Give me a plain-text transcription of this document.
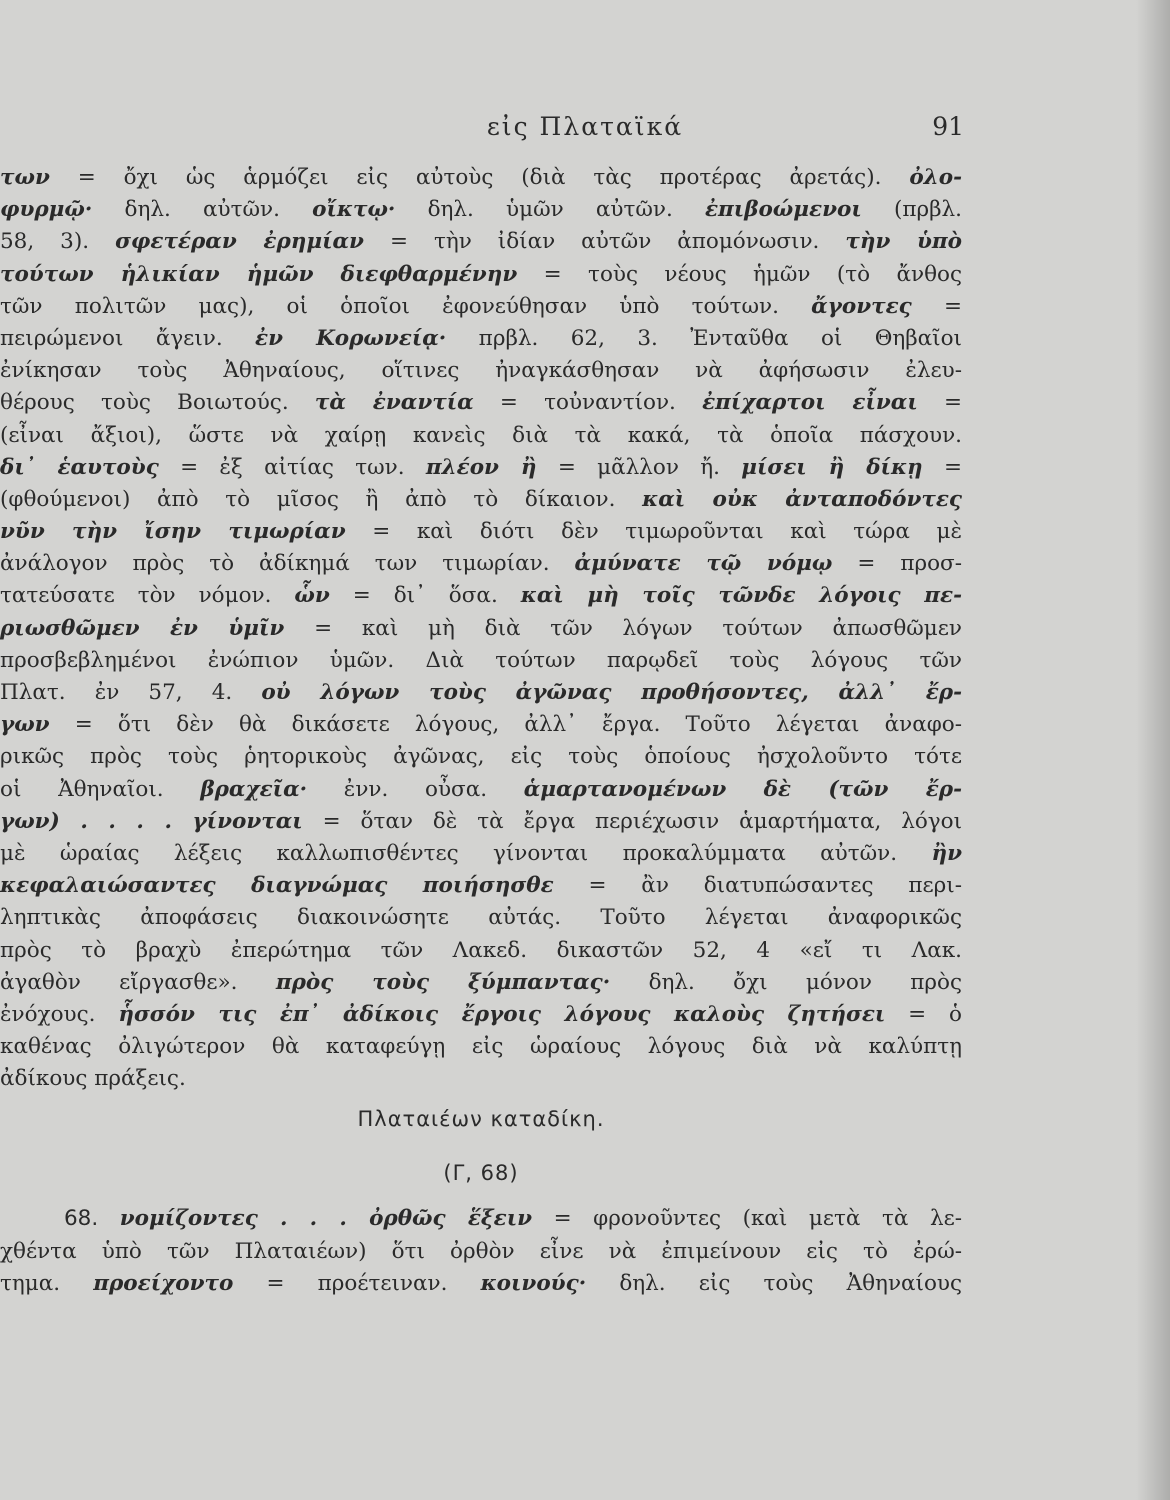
εἰς Πλαταϊκά	91
των = ὄχι ὡς ἁρμόζει εἰς αὐτοὺς (διὰ τὰς προτέρας ἀρετάς). ὀλο-
φυρμῷ· δηλ. αὐτῶν. οἴκτῳ· δηλ. ὑμῶν αὐτῶν. ἐπιβοώμενοι (πρβλ.
58, 3). σφετέραν ἐρημίαν = τὴν ἰδίαν αὐτῶν ἀπομόνωσιν. τὴν ὑπὸ
τούτων ἡλικίαν ἡμῶν διεφθαρμένην = τοὺς νέους ἡμῶν (τὸ ἄνθος
τῶν πολιτῶν μας), οἱ ὁποῖοι ἐφονεύθησαν ὑπὸ τούτων. ἄγοντες =
πειρώμενοι ἄγειν. ἐν Κορωνείᾳ· πρβλ. 62, 3. Ἐνταῦθα οἱ Θηβαῖοι
ἐνίκησαν τοὺς Ἀθηναίους, οἵτινες ἠναγκάσθησαν νὰ ἀφήσωσιν ἐλευ-
θέρους τοὺς Βοιωτούς. τὰ ἐναντία = τοὐναντίον. ἐπίχαρτοι εἶναι =
(εἶναι ἄξιοι), ὥστε νὰ χαίρῃ κανεὶς διὰ τὰ κακά, τὰ ὁποῖα πάσχουν.
δι᾽ ἑαυτοὺς = ἐξ αἰτίας των. πλέον ἢ = μᾶλλον ἤ. μίσει ἢ δίκῃ =
(φθούμενοι) ἀπὸ τὸ μῖσος ἢ ἀπὸ τὸ δίκαιον. καὶ οὐκ ἀνταποδόντες
νῦν τὴν ἴσην τιμωρίαν = καὶ διότι δὲν τιμωροῦνται καὶ τώρα μὲ
ἀνάλογον πρὸς τὸ ἀδίκημά των τιμωρίαν. ἀμύνατε τῷ νόμῳ = προσ-
τατεύσατε τὸν νόμον. ὧν = δι᾽ ὅσα. καὶ μὴ τοῖς τῶνδε λόγοις πε-
ριωσθῶμεν ἐν ὑμῖν = καὶ μὴ διὰ τῶν λόγων τούτων ἀπωσθῶμεν
προσβεβλημένοι ἐνώπιον ὑμῶν. Διὰ τούτων παρῳδεῖ τοὺς λόγους τῶν
Πλατ. ἐν 57, 4. οὐ λόγων τοὺς ἀγῶνας προθήσοντες, ἀλλ᾽ ἔρ-
γων = ὅτι δὲν θὰ δικάσετε λόγους, ἀλλ᾽ ἔργα. Τοῦτο λέγεται ἀναφο-
ρικῶς πρὸς τοὺς ῥητορικοὺς ἀγῶνας, εἰς τοὺς ὁποίους ἠσχολοῦντο τότε
οἱ Ἀθηναῖοι. βραχεῖα· ἐνν. οὖσα. ἁμαρτανομένων δὲ (τῶν ἔρ-
γων) . . . . γίνονται = ὅταν δὲ τὰ ἔργα περιέχωσιν ἁμαρτήματα, λόγοι
μὲ ὡραίας λέξεις καλλωπισθέντες γίνονται προκαλύμματα αὐτῶν. ἢν
κεφαλαιώσαντες διαγνώμας ποιήσησθε = ἂν διατυπώσαντες περι-
ληπτικὰς ἀποφάσεις διακοινώσητε αὐτάς. Τοῦτο λέγεται ἀναφορικῶς
πρὸς τὸ βραχὺ ἐπερώτημα τῶν Λακεδ. δικαστῶν 52, 4 «εἴ τι Λακ.
ἀγαθὸν εἴργασθε». πρὸς τοὺς ξύμπαντας· δηλ. ὄχι μόνον πρὸς
ἐνόχους. ἧσσόν τις ἐπ᾽ ἀδίκοις ἔργοις λόγους καλοὺς ζητήσει = ὁ
καθένας ὀλιγώτερον θὰ καταφεύγῃ εἰς ὡραίους λόγους διὰ νὰ καλύπτῃ
ἀδίκους πράξεις.
Πλαταιέων καταδίκη.
(Γ, 68)
68. νομίζοντες . . . ὀρθῶς ἕξειν = φρονοῦντες (καὶ μετὰ τὰ λε-
χθέντα ὑπὸ τῶν Πλαταιέων) ὅτι ὀρθὸν εἶνε νὰ ἐπιμείνουν εἰς τὸ ἐρώ-
τημα. προείχοντο = προέτειναν. κοινούς· δηλ. εἰς τοὺς Ἀθηναίους
